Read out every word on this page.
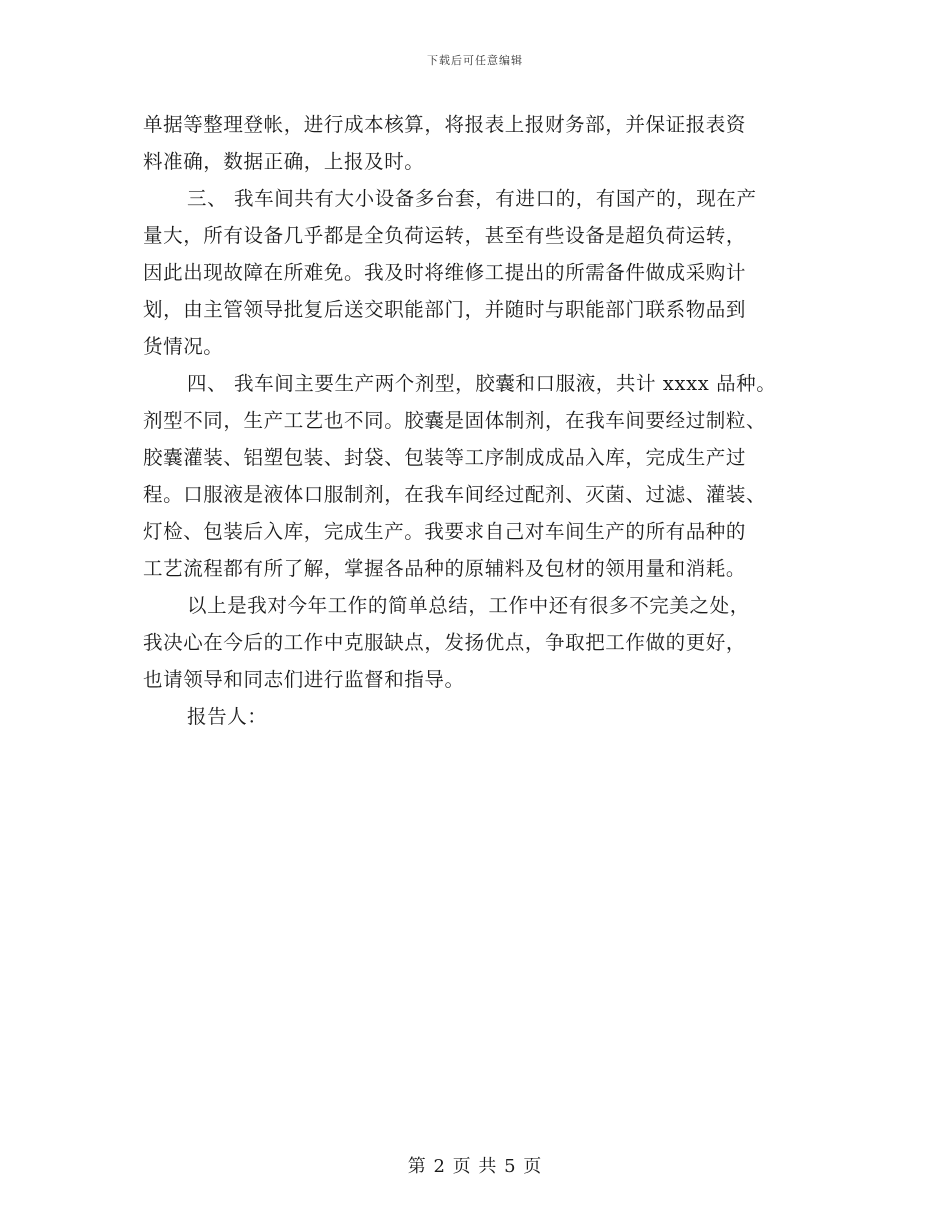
下载后可任意编辑
单据等整理登帐，进行成本核算，将报表上报财务部，并保证报表资
料准确，数据正确，上报及时。
三、 我车间共有大小设备多台套，有进口的，有国产的，现在产
量大，所有设备几乎都是全负荷运转，甚至有些设备是超负荷运转，
因此出现故障在所难免。我及时将维修工提出的所需备件做成采购计
划，由主管领导批复后送交职能部门，并随时与职能部门联系物品到
货情况。
四、 我车间主要生产两个剂型，胶囊和口服液，共计 xxxx 品种。
剂型不同，生产工艺也不同。胶囊是固体制剂，在我车间要经过制粒、
胶囊灌装、铝塑包装、封袋、包装等工序制成成品入库，完成生产过
程。口服液是液体口服制剂，在我车间经过配剂、灭菌、过滤、灌装、
灯检、包装后入库，完成生产。我要求自己对车间生产的所有品种的
工艺流程都有所了解，掌握各品种的原辅料及包材的领用量和消耗。
以上是我对今年工作的简单总结，工作中还有很多不完美之处，
我决心在今后的工作中克服缺点，发扬优点，争取把工作做的更好，
也请领导和同志们进行监督和指导。
报告人：
第 2 页 共 5 页
